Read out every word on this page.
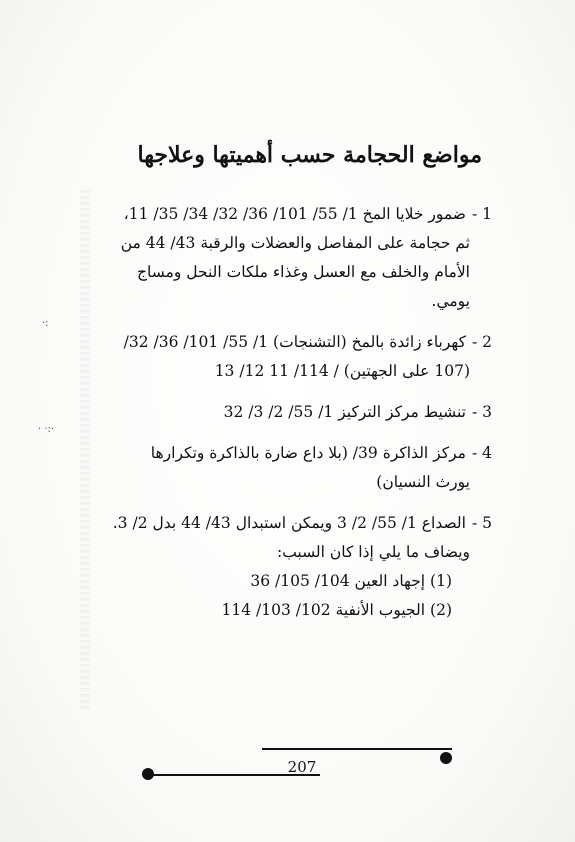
·:
· ·:·
مواضع الحجامة حسب أهميتها وعلاجها
1 -ضمور خلايا المخ 1/ 55/ 101/ 36/ 32/ 34/ 35/ 11،
ثم حجامة على المفاصل والعضلات والرقبة 43/ 44 من
الأمام والخلف مع العسل وغذاء ملكات النحل ومساج
يومي.
2 -كهرباء زائدة بالمخ (التشنجات) 1/ 55/ 101/ 36/ 32/
(107 على الجهتين) / 114/ 11 12/ 13
3 -تنشيط مركز التركيز 1/ 55/ 2/ 3/ 32
4 -مركز الذاكرة 39/ (بلا داع ضارة بالذاكرة وتكرارها
يورث النسيان)
5 -الصداع 1/ 55/ 2/ 3 ويمكن استبدال 43/ 44 بدل 2/ 3.
ويضاف ما يلي إذا كان السبب:
(1) إجهاد العين 104/ 105/ 36
(2) الجيوب الأنفية 102/ 103/ 114
207
